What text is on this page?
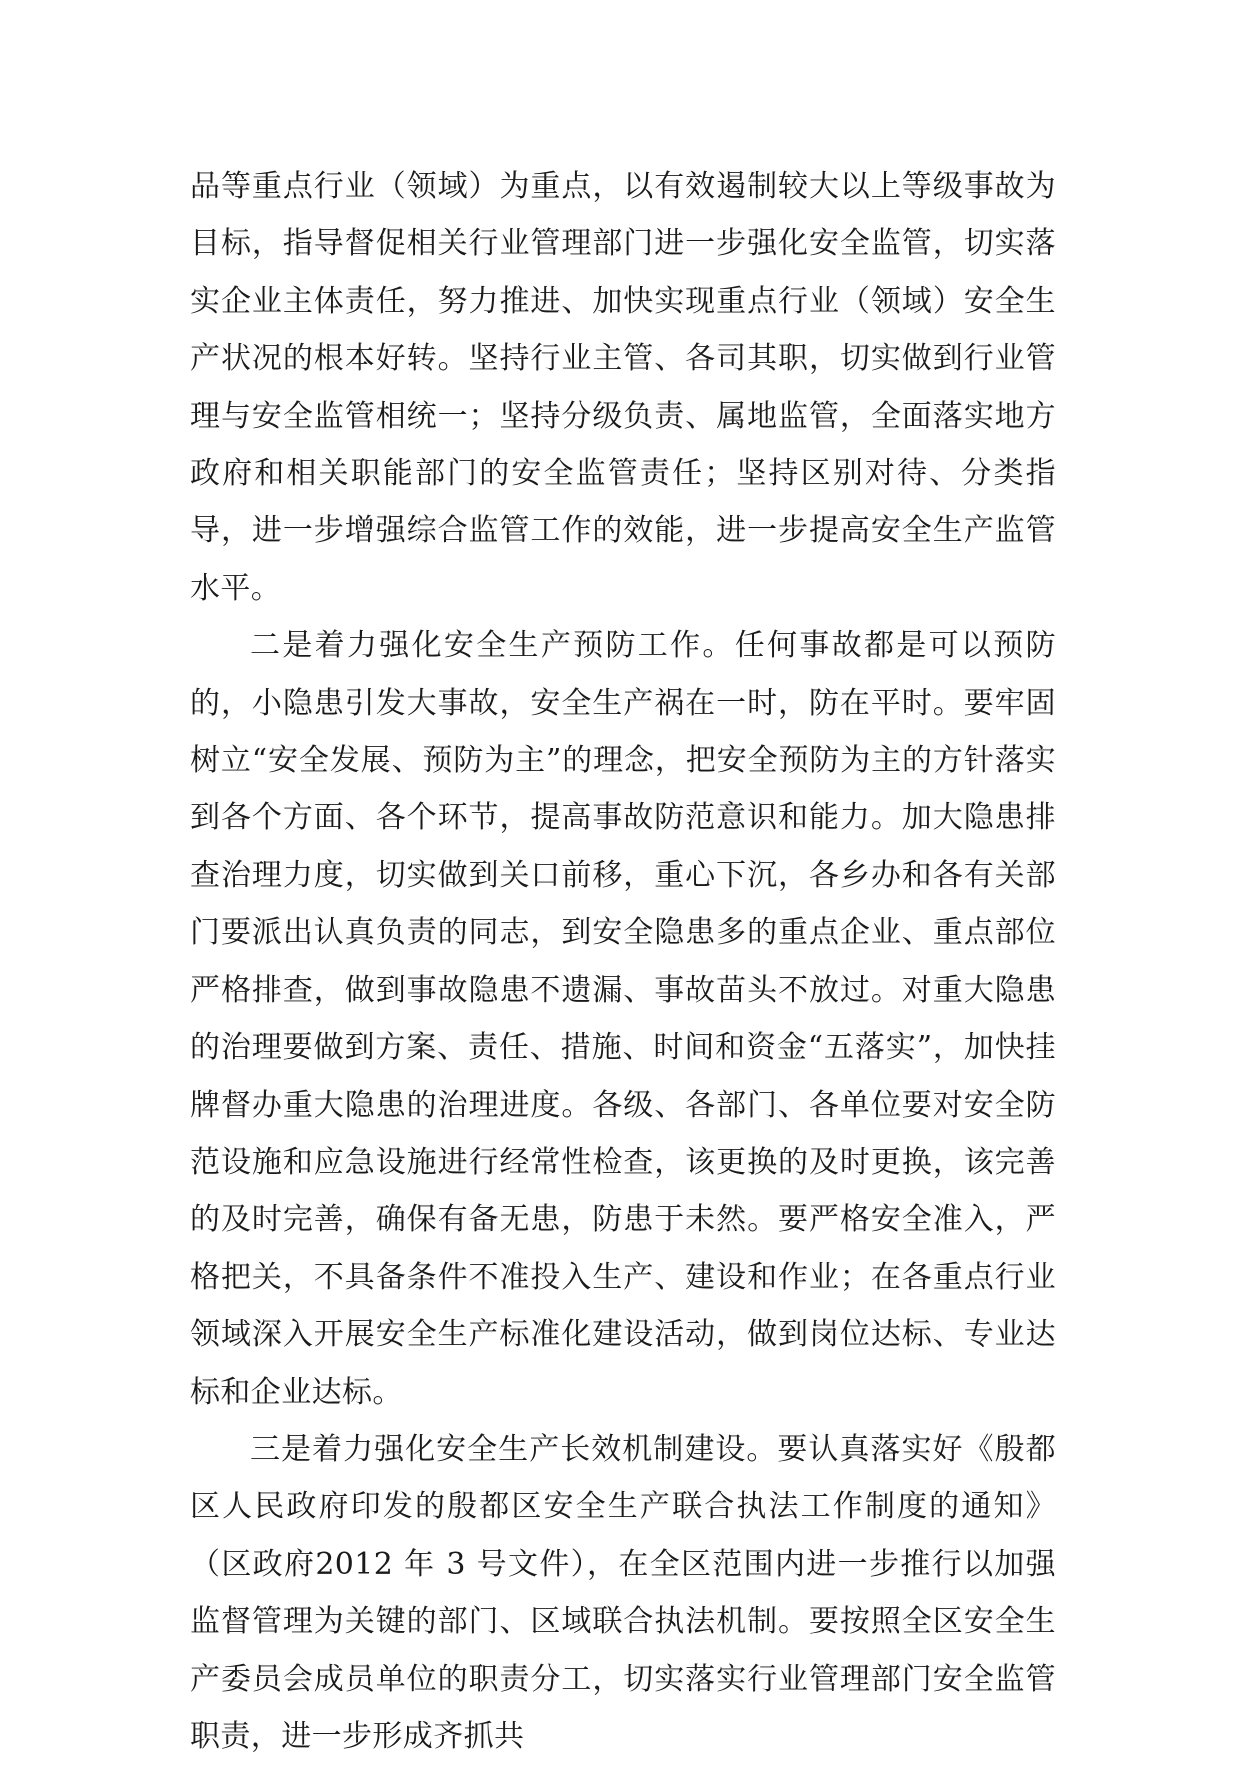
品等重点行业（领域）为重点，以有效遏制较大以上等级事故为目标，指导督促相关行业管理部门进一步强化安全监管，切实落实企业主体责任，努力推进、加快实现重点行业（领域）安全生产状况的根本好转。坚持行业主管、各司其职，切实做到行业管理与安全监管相统一；坚持分级负责、属地监管，全面落实地方政府和相关职能部门的安全监管责任；坚持区别对待、分类指导，进一步增强综合监管工作的效能，进一步提高安全生产监管水平。

二是着力强化安全生产预防工作。任何事故都是可以预防的，小隐患引发大事故，安全生产祸在一时，防在平时。要牢固树立“安全发展、预防为主”的理念，把安全预防为主的方针落实到各个方面、各个环节，提高事故防范意识和能力。加大隐患排查治理力度，切实做到关口前移，重心下沉，各乡办和各有关部门要派出认真负责的同志，到安全隐患多的重点企业、重点部位严格排查，做到事故隐患不遗漏、事故苗头不放过。对重大隐患的治理要做到方案、责任、措施、时间和资金“五落实”，加快挂牌督办重大隐患的治理进度。各级、各部门、各单位要对安全防范设施和应急设施进行经常性检查，该更换的及时更换，该完善的及时完善，确保有备无患，防患于未然。要严格安全准入，严格把关，不具备条件不准投入生产、建设和作业；在各重点行业领域深入开展安全生产标准化建设活动，做到岗位达标、专业达标和企业达标。

三是着力强化安全生产长效机制建设。要认真落实好《殷都区人民政府印发的殷都区安全生产联合执法工作制度的通知》（区政府2012 年 3 号文件），在全区范围内进一步推行以加强监督管理为关键的部门、区域联合执法机制。要按照全区安全生产委员会成员单位的职责分工，切实落实行业管理部门安全监管职责，进一步形成齐抓共
